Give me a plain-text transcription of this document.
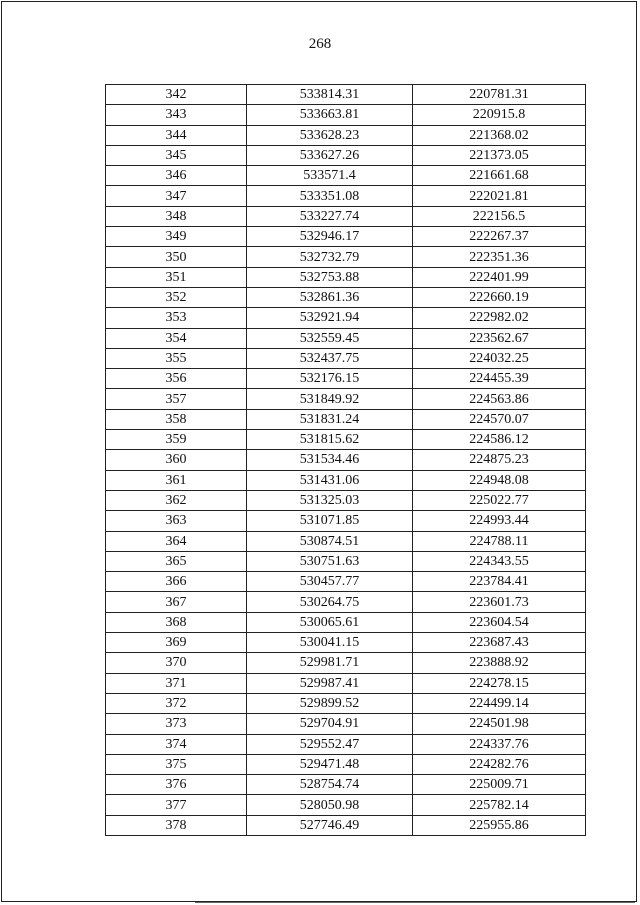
268
342	533814.31	220781.31
343	533663.81	220915.8
344	533628.23	221368.02
345	533627.26	221373.05
346	533571.4	221661.68
347	533351.08	222021.81
348	533227.74	222156.5
349	532946.17	222267.37
350	532732.79	222351.36
351	532753.88	222401.99
352	532861.36	222660.19
353	532921.94	222982.02
354	532559.45	223562.67
355	532437.75	224032.25
356	532176.15	224455.39
357	531849.92	224563.86
358	531831.24	224570.07
359	531815.62	224586.12
360	531534.46	224875.23
361	531431.06	224948.08
362	531325.03	225022.77
363	531071.85	224993.44
364	530874.51	224788.11
365	530751.63	224343.55
366	530457.77	223784.41
367	530264.75	223601.73
368	530065.61	223604.54
369	530041.15	223687.43
370	529981.71	223888.92
371	529987.41	224278.15
372	529899.52	224499.14
373	529704.91	224501.98
374	529552.47	224337.76
375	529471.48	224282.76
376	528754.74	225009.71
377	528050.98	225782.14
378	527746.49	225955.86
